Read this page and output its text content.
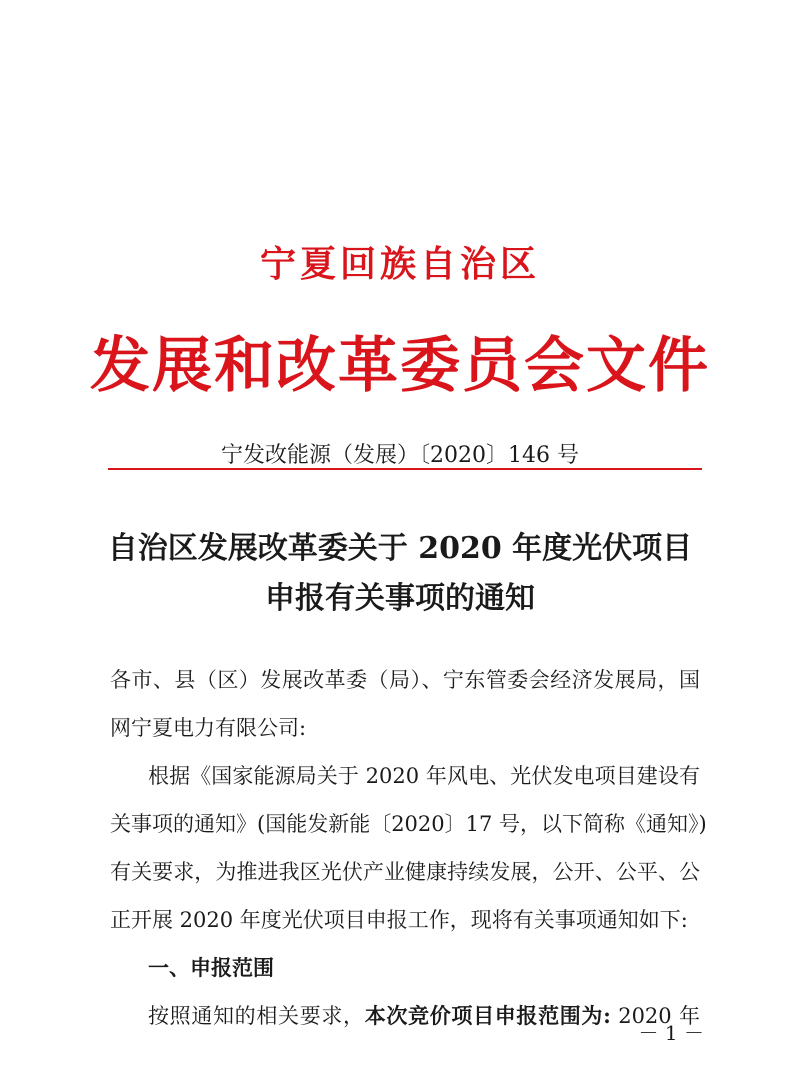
宁夏回族自治区
发展和改革委员会文件
宁发改能源（发展）〔2020〕146 号
自治区发展改革委关于 2020 年度光伏项目
申报有关事项的通知
各市、县（区）发展改革委（局）、宁东管委会经济发展局，国
网宁夏电力有限公司:
根据《国家能源局关于 2020 年风电、光伏发电项目建设有
关事项的通知》(国能发新能〔2020〕17 号，以下简称《通知》)
有关要求，为推进我区光伏产业健康持续发展，公开、公平、公
正开展 2020 年度光伏项目申报工作，现将有关事项通知如下:
一、申报范围
按照通知的相关要求，本次竞价项目申报范围为: 2020 年
－ 1 －
